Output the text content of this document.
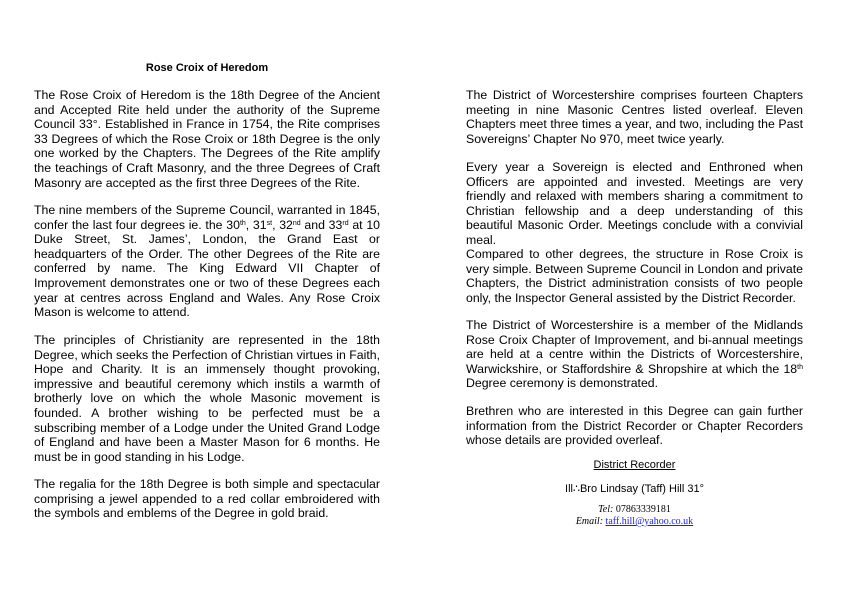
Rose Croix of Heredom

The Rose Croix of Heredom is the 18th Degree of the Ancient and Accepted Rite held under the authority of the Supreme Council 33°. Established in France in 1754, the Rite comprises 33 Degrees of which the Rose Croix or 18th Degree is the only one worked by the Chapters. The Degrees of the Rite amplify the teachings of Craft Masonry, and the three Degrees of Craft Masonry are accepted as the first three Degrees of the Rite.

The nine members of the Supreme Council, warranted in 1845, confer the last four degrees ie. the 30th, 31st, 32nd and 33rd at 10 Duke Street, St. James’, London, the Grand East or headquarters of the Order. The other Degrees of the Rite are conferred by name. The King Edward VII Chapter of Improvement demonstrates one or two of these Degrees each year at centres across England and Wales. Any Rose Croix Mason is welcome to attend.

The principles of Christianity are represented in the 18th Degree, which seeks the Perfection of Christian virtues in Faith, Hope and Charity. It is an immensely thought provoking, impressive and beautiful ceremony which instils a warmth of brotherly love on which the whole Masonic movement is founded. A brother wishing to be perfected must be a subscribing member of a Lodge under the United Grand Lodge of England and have been a Master Mason for 6 months. He must be in good standing in his Lodge.

The regalia for the 18th Degree is both simple and spectacular comprising a jewel appended to a red collar embroidered with the symbols and emblems of the Degree in gold braid.

The District of Worcestershire comprises fourteen Chapters meeting in nine Masonic Centres listed overleaf. Eleven Chapters meet three times a year, and two, including the Past Sovereigns’ Chapter No 970, meet twice yearly.

Every year a Sovereign is elected and Enthroned when Officers are appointed and invested. Meetings are very friendly and relaxed with members sharing a commitment to Christian fellowship and a deep understanding of this beautiful Masonic Order. Meetings conclude with a convivial meal.

Compared to other degrees, the structure in Rose Croix is very simple. Between Supreme Council in London and private Chapters, the District administration consists of two people only, the Inspector General assisted by the District Recorder.

The District of Worcestershire is a member of the Midlands Rose Croix Chapter of Improvement, and bi-annual meetings are held at a centre within the Districts of Worcestershire, Warwickshire, or Staffordshire & Shropshire at which the 18th Degree ceremony is demonstrated.

Brethren who are interested in this Degree can gain further information from the District Recorder or Chapter Recorders whose details are provided overleaf.

District Recorder
Ill∴Bro Lindsay (Taff) Hill 31°
Tel: 07863339181
Email: taff.hill@yahoo.co.uk
